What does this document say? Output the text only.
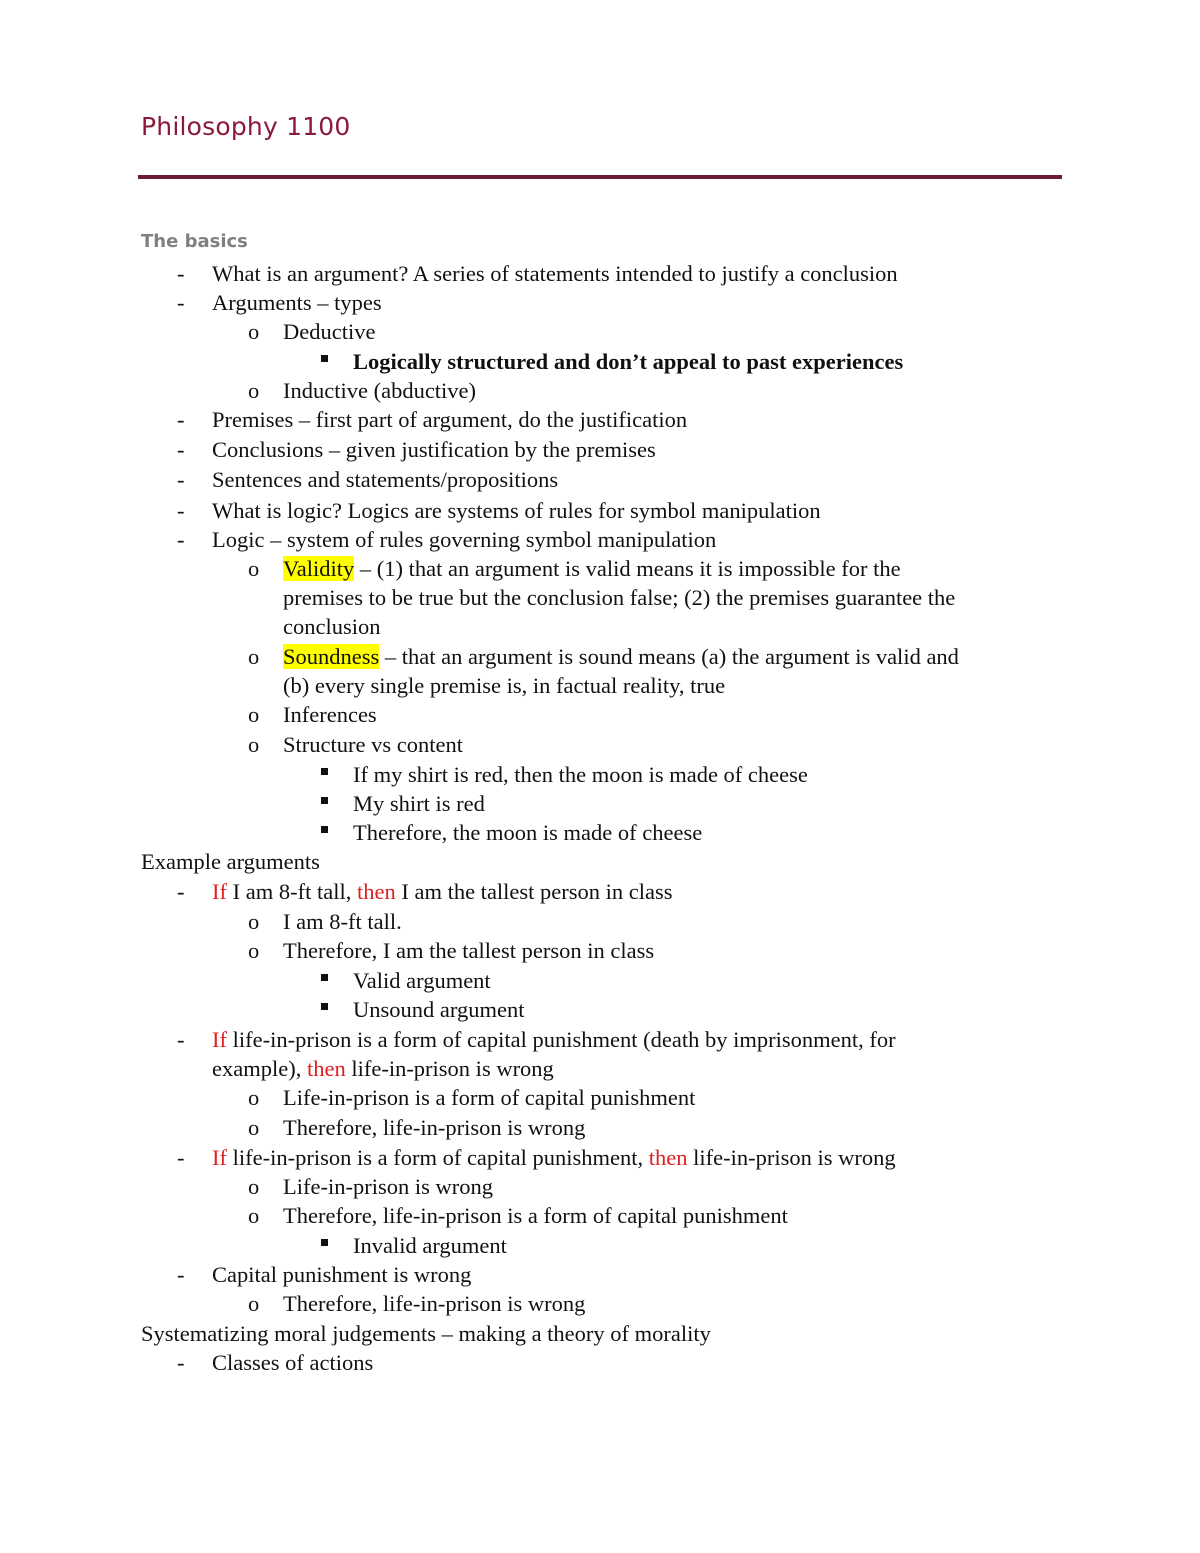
Philosophy 1100
The basics
- What is an argument? A series of statements intended to justify a conclusion
- Arguments – types
o Deductive
Logically structured and don’t appeal to past experiences
o Inductive (abductive)
- Premises – first part of argument, do the justification
- Conclusions – given justification by the premises
- Sentences and statements/propositions
- What is logic? Logics are systems of rules for symbol manipulation
- Logic – system of rules governing symbol manipulation
o Validity – (1) that an argument is valid means it is impossible for the
premises to be true but the conclusion false; (2) the premises guarantee the
conclusion
o Soundness – that an argument is sound means (a) the argument is valid and
(b) every single premise is, in factual reality, true
o Inferences
o Structure vs content
If my shirt is red, then the moon is made of cheese
My shirt is red
Therefore, the moon is made of cheese
Example arguments
- If I am 8-ft tall, then I am the tallest person in class
o I am 8-ft tall.
o Therefore, I am the tallest person in class
Valid argument
Unsound argument
- If life-in-prison is a form of capital punishment (death by imprisonment, for
example), then life-in-prison is wrong
o Life-in-prison is a form of capital punishment
o Therefore, life-in-prison is wrong
- If life-in-prison is a form of capital punishment, then life-in-prison is wrong
o Life-in-prison is wrong
o Therefore, life-in-prison is a form of capital punishment
Invalid argument
- Capital punishment is wrong
o Therefore, life-in-prison is wrong
Systematizing moral judgements – making a theory of morality
- Classes of actions
